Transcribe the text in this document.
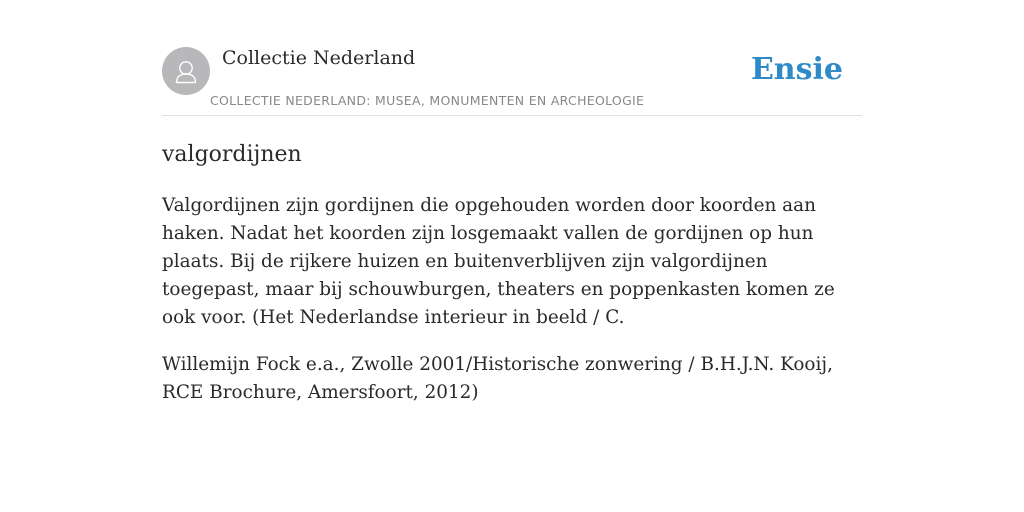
Collectie Nederland
COLLECTIE NEDERLAND: MUSEA, MONUMENTEN EN ARCHEOLOGIE
Ensie
valgordijnen

Valgordijnen zijn gordijnen die opgehouden worden door koorden aan haken. Nadat het koorden zijn losgemaakt vallen de gordijnen op hun plaats. Bij de rijkere huizen en buitenverblijven zijn valgordijnen toegepast, maar bij schouwburgen, theaters en poppenkasten komen ze ook voor. (Het Nederlandse interieur in beeld / C.

Willemijn Fock e.a., Zwolle 2001/Historische zonwering / B.H.J.N. Kooij, RCE Brochure, Amersfoort, 2012)
